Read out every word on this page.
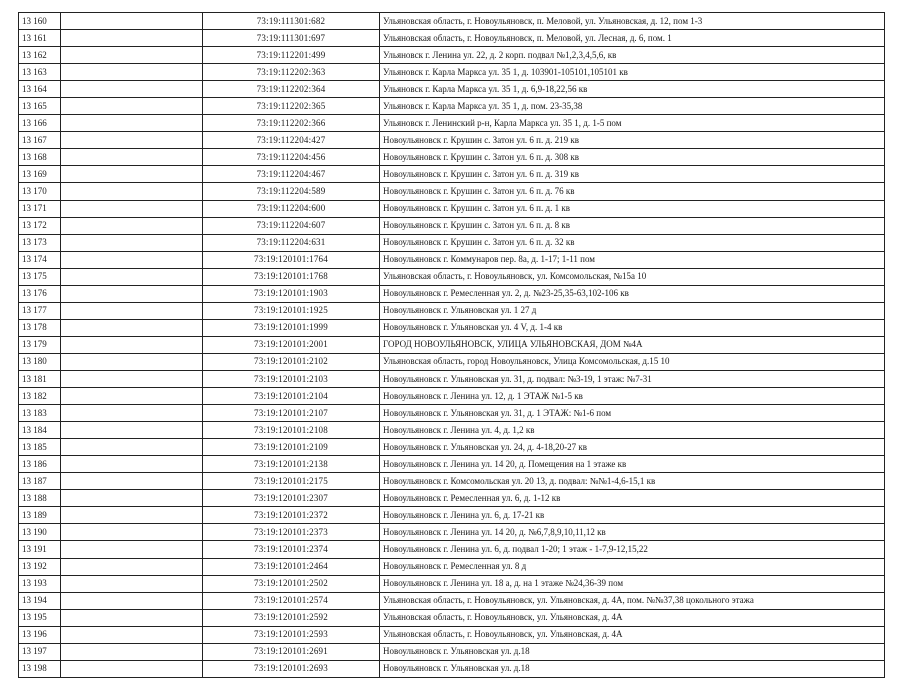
13 160		73:19:111301:682	Ульяновская область, г. Новоульяновск, п. Меловой, ул. Ульяновская, д. 12, пом 1-3
13 161		73:19:111301:697	Ульяновская область, г. Новоульяновск, п. Меловой, ул. Лесная, д. 6, пом. 1
13 162		73:19:112201:499	Ульяновск г. Ленина ул. 22, д. 2 корп. подвал №1,2,3,4,5,6, кв
13 163		73:19:112202:363	Ульяновск г. Карла Маркса ул. 35 1, д. 103901-105101,105101 кв
13 164		73:19:112202:364	Ульяновск г. Карла Маркса ул. 35 1, д. 6,9-18,22,56 кв
13 165		73:19:112202:365	Ульяновск г. Карла Маркса ул. 35 1, д. пом. 23-35,38
13 166		73:19:112202:366	Ульяновск г. Ленинский р-н, Карла Маркса ул. 35 1, д. 1-5 пом
13 167		73:19:112204:427	Новоульяновск г. Крушин с. Затон ул. 6 п. д. 219 кв
13 168		73:19:112204:456	Новоульяновск г. Крушин с. Затон ул. 6 п. д. 308 кв
13 169		73:19:112204:467	Новоульяновск г. Крушин с. Затон ул. 6 п. д. 319 кв
13 170		73:19:112204:589	Новоульяновск г. Крушин с. Затон ул. 6 п. д. 76 кв
13 171		73:19:112204:600	Новоульяновск г. Крушин с. Затон ул. 6 п. д. 1 кв
13 172		73:19:112204:607	Новоульяновск г. Крушин с. Затон ул. 6 п. д. 8 кв
13 173		73:19:112204:631	Новоульяновск г. Крушин с. Затон ул. 6 п. д. 32 кв
13 174		73:19:120101:1764	Новоульяновск г. Коммунаров пер. 8а, д. 1-17; 1-11 пом
13 175		73:19:120101:1768	Ульяновская область, г. Новоульяновск, ул. Комсомольская, №15а 10
13 176		73:19:120101:1903	Новоульяновск г. Ремесленная ул. 2, д. №23-25,35-63,102-106 кв
13 177		73:19:120101:1925	Новоульяновск г. Ульяновская ул. 1 27 д
13 178		73:19:120101:1999	Новоульяновск г. Ульяновская ул. 4 V, д. 1-4 кв
13 179		73:19:120101:2001	ГОРОД НОВОУЛЬЯНОВСК, УЛИЦА УЛЬЯНОВСКАЯ, ДОМ №4А
13 180		73:19:120101:2102	Ульяновская область, город Новоульяновск, Улица Комсомольская, д.15 10
13 181		73:19:120101:2103	Новоульяновск г. Ульяновская ул. 31, д. подвал: №3-19, 1 этаж: №7-31
13 182		73:19:120101:2104	Новоульяновск г. Ленина ул. 12, д. 1 ЭТАЖ №1-5 кв
13 183		73:19:120101:2107	Новоульяновск г. Ульяновская ул. 31, д. 1 ЭТАЖ: №1-6 пом
13 184		73:19:120101:2108	Новоульяновск г. Ленина ул. 4, д. 1,2 кв
13 185		73:19:120101:2109	Новоульяновск г. Ульяновская ул. 24, д. 4-18,20-27 кв
13 186		73:19:120101:2138	Новоульяновск г. Ленина ул. 14 20, д. Помещения на 1 этаже кв
13 187		73:19:120101:2175	Новоульяновск г. Комсомольская ул. 20 13, д. подвал: №№1-4,6-15,1 кв
13 188		73:19:120101:2307	Новоульяновск г. Ремесленная ул. 6, д. 1-12 кв
13 189		73:19:120101:2372	Новоульяновск г. Ленина ул. 6, д. 17-21 кв
13 190		73:19:120101:2373	Новоульяновск г. Ленина ул. 14 20, д. №6,7,8,9,10,11,12 кв
13 191		73:19:120101:2374	Новоульяновск г. Ленина ул. 6, д. подвал 1-20; 1 этаж - 1-7,9-12,15,22
13 192		73:19:120101:2464	Новоульяновск г. Ремесленная ул. 8 д
13 193		73:19:120101:2502	Новоульяновск г. Ленина ул. 18 а, д. на 1 этаже №24,36-39 пом
13 194		73:19:120101:2574	Ульяновская область, г. Новоульяновск, ул. Ульяновская, д. 4А, пом. №№37,38 цокольного этажа
13 195		73:19:120101:2592	Ульяновская область, г. Новоульяновск, ул. Ульяновская, д. 4А
13 196		73:19:120101:2593	Ульяновская область, г. Новоульяновск, ул. Ульяновская, д. 4А
13 197		73:19:120101:2691	Новоульяновск г. Ульяновская ул. д.18
13 198		73:19:120101:2693	Новоульяновск г. Ульяновская ул. д.18
